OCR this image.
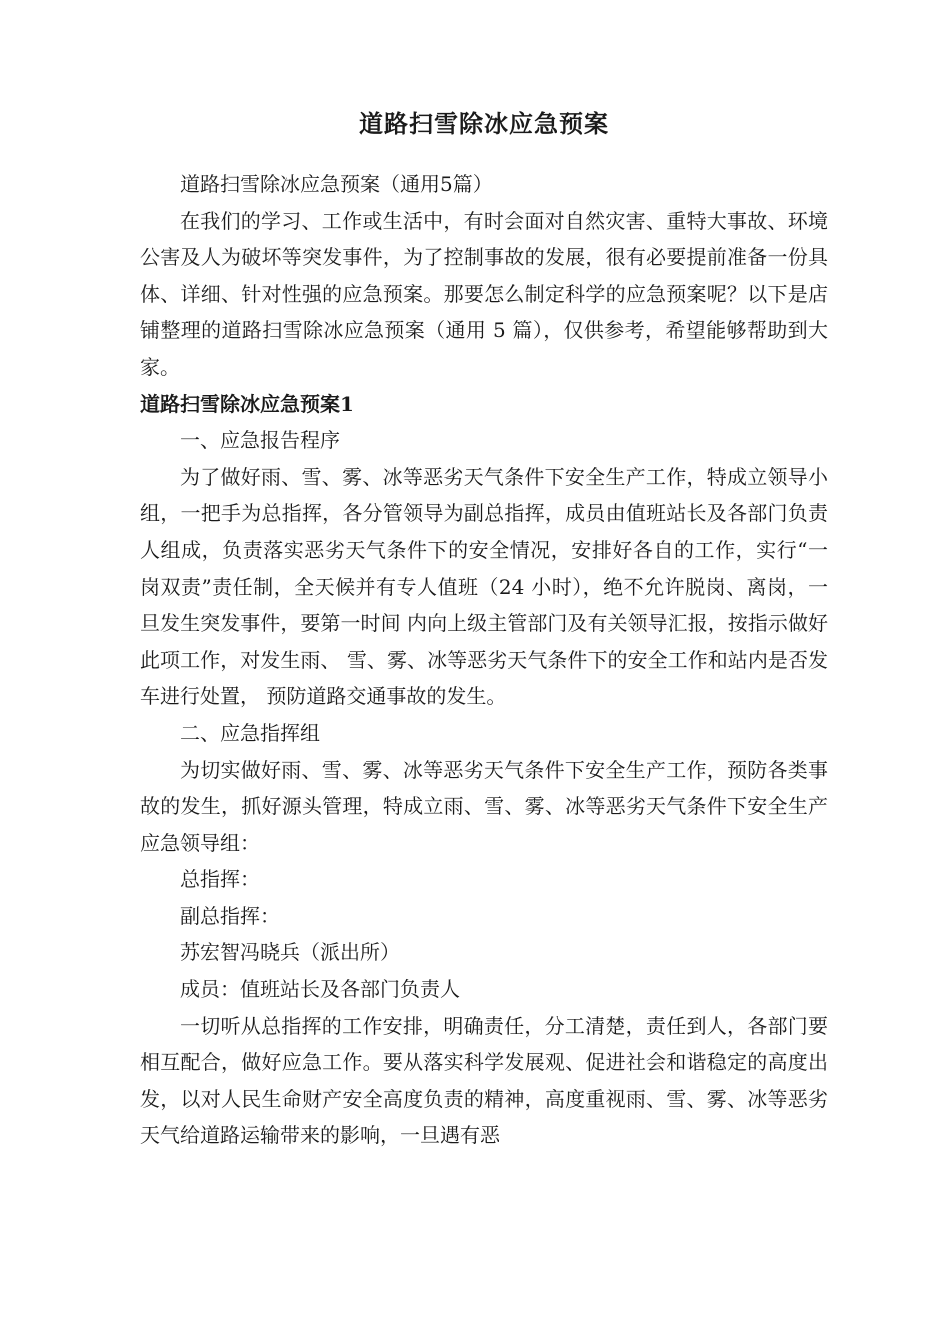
道路扫雪除冰应急预案

道路扫雪除冰应急预案（通用5篇）

在我们的学习、工作或生活中，有时会面对自然灾害、重特大事故、环境公害及人为破坏等突发事件，为了控制事故的发展，很有必要提前准备一份具体、详细、针对性强的应急预案。那要怎么制定科学的应急预案呢？以下是店铺整理的道路扫雪除冰应急预案（通用 5 篇），仅供参考，希望能够帮助到大家。

道路扫雪除冰应急预案1

一、应急报告程序

为了做好雨、雪、雾、冰等恶劣天气条件下安全生产工作，特成立领导小组，一把手为总指挥，各分管领导为副总指挥，成员由值班站长及各部门负责人组成，负责落实恶劣天气条件下的安全情况，安排好各自的工作，实行“一岗双责”责任制，全天候并有专人值班（24 小时），绝不允许脱岗、离岗，一旦发生突发事件，要第一时间 内向上级主管部门及有关领导汇报，按指示做好此项工作，对发生雨、 雪、雾、冰等恶劣天气条件下的安全工作和站内是否发车进行处置， 预防道路交通事故的发生。

二、应急指挥组

为切实做好雨、雪、雾、冰等恶劣天气条件下安全生产工作，预防各类事故的发生，抓好源头管理，特成立雨、雪、雾、冰等恶劣天气条件下安全生产应急领导组：

总指挥：

副总指挥：

苏宏智冯晓兵（派出所）

成员：值班站长及各部门负责人

一切听从总指挥的工作安排，明确责任，分工清楚，责任到人，各部门要相互配合，做好应急工作。要从落实科学发展观、促进社会和谐稳定的高度出发，以对人民生命财产安全高度负责的精神，高度重视雨、雪、雾、冰等恶劣天气给道路运输带来的影响，一旦遇有恶
